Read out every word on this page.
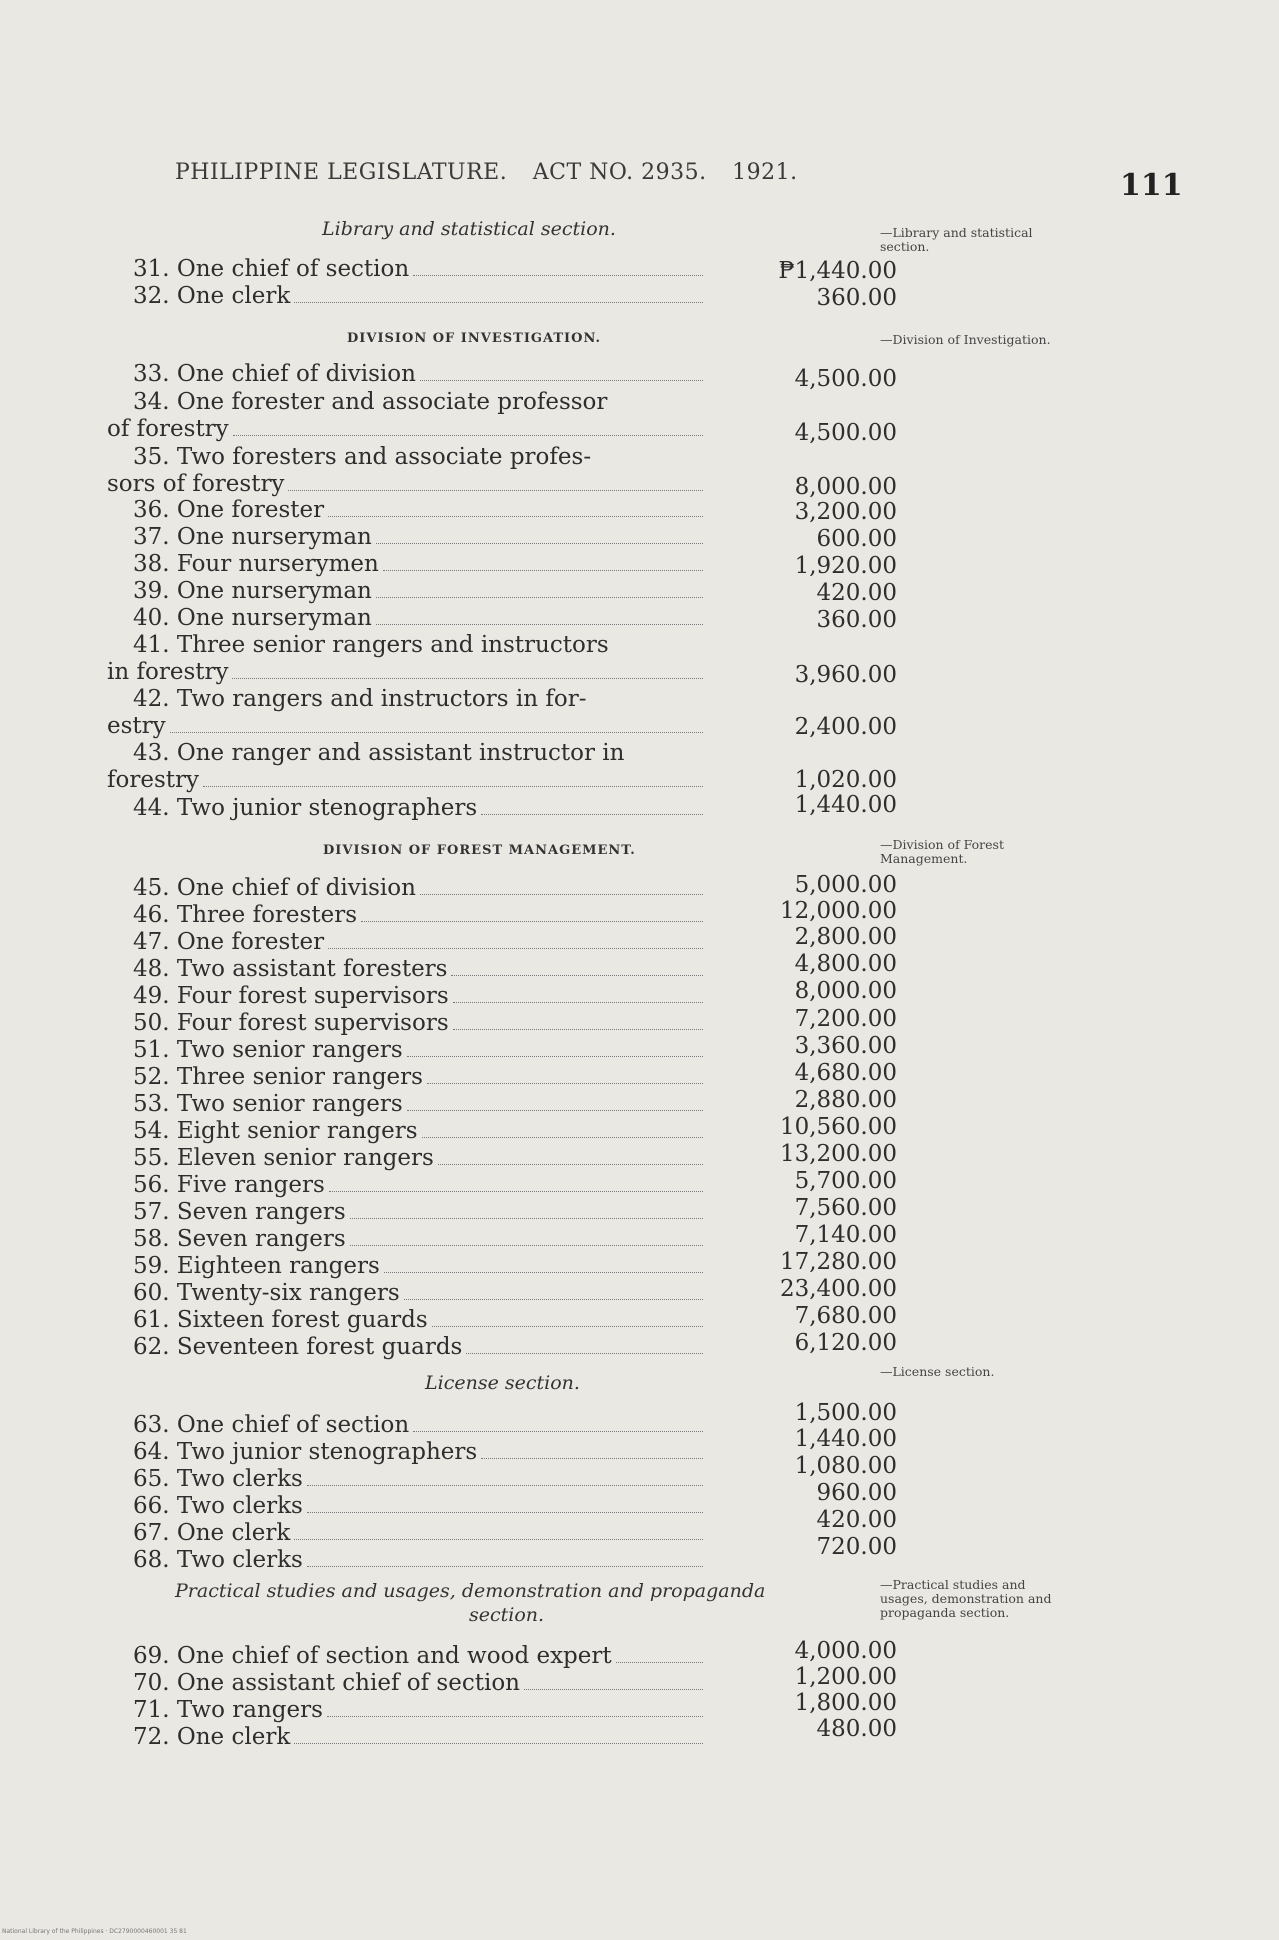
PHILIPPINE LEGISLATURE. ACT NO. 2935. 1921.	111
—Library and statistical section.
—Division of Investigation.
—Division of Forest Management.
—License section.
—Practical studies and usages, demonstration and propaganda section.
Library and statistical section.
31. One chief of section	₱1,440.00
32. One clerk	360.00
DIVISION OF INVESTIGATION.
33. One chief of division	4,500.00
34. One forester and associate professor
of forestry	4,500.00
35. Two foresters and associate profes-
sors of forestry	8,000.00
36. One forester	3,200.00
37. One nurseryman	600.00
38. Four nurserymen	1,920.00
39. One nurseryman	420.00
40. One nurseryman	360.00
41. Three senior rangers and instructors
in forestry	3,960.00
42. Two rangers and instructors in for-
estry	2,400.00
43. One ranger and assistant instructor in
forestry	1,020.00
44. Two junior stenographers	1,440.00
DIVISION OF FOREST MANAGEMENT.
45. One chief of division	5,000.00
46. Three foresters	12,000.00
47. One forester	2,800.00
48. Two assistant foresters	4,800.00
49. Four forest supervisors	8,000.00
50. Four forest supervisors	7,200.00
51. Two senior rangers	3,360.00
52. Three senior rangers	4,680.00
53. Two senior rangers	2,880.00
54. Eight senior rangers	10,560.00
55. Eleven senior rangers	13,200.00
56. Five rangers	5,700.00
57. Seven rangers	7,560.00
58. Seven rangers	7,140.00
59. Eighteen rangers	17,280.00
60. Twenty-six rangers	23,400.00
61. Sixteen forest guards	7,680.00
62. Seventeen forest guards	6,120.00
License section.
63. One chief of section	1,500.00
64. Two junior stenographers	1,440.00
65. Two clerks	1,080.00
66. Two clerks	960.00
67. One clerk	420.00
68. Two clerks	720.00
Practical studies and usages, demonstration and propaganda
section.
69. One chief of section and wood expert	4,000.00
70. One assistant chief of section	1,200.00
71. Two rangers	1,800.00
72. One clerk	480.00
National Library of the Philippines · DC2790000460001 35 81
